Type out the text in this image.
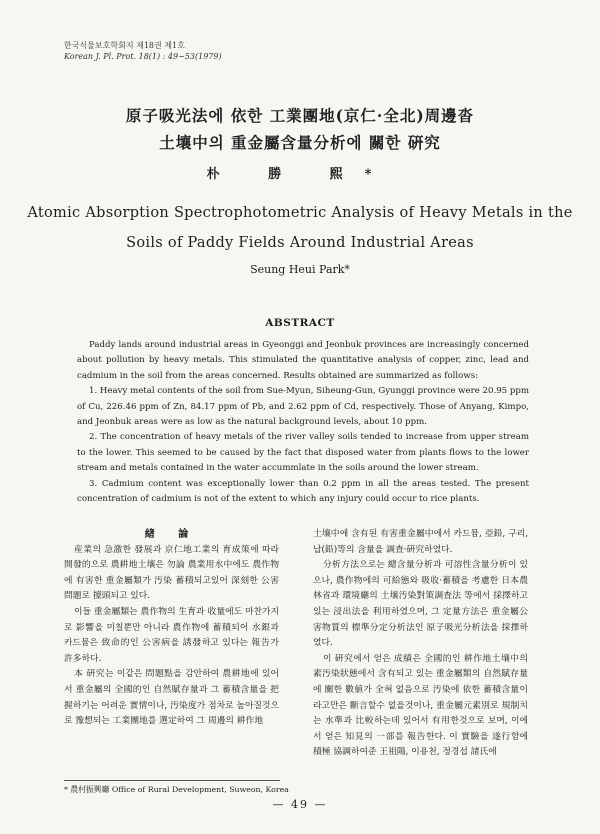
한국식물보호학회지 제18권 제1호
Korean J. Pl. Prot. 18(1) : 49~53(1979)
原子吸光法에 依한 工業團地(京仁·全北)周邊沓
土壤中의 重金屬含量分析에 關한 硏究
朴 勝 熙*
Atomic Absorption Spectrophotometric Analysis of Heavy Metals in the
Soils of Paddy Fields Around Industrial Areas
Seung Heui Park*
ABSTRACT

Paddy lands around industrial areas in Gyeonggi and Jeonbuk provinces are increasingly concerned about pollution by heavy metals. This stimulated the quantitative analysis of copper, zinc, lead and cadmium in the soil from the areas concerned. Results obtained are summarized as follows:

1. Heavy metal contents of the soil from Sue-Myun, Siheung-Gun, Gyunggi province were 20.95 ppm of Cu, 226.46 ppm of Zn, 84.17 ppm of Pb, and 2.62 ppm of Cd, respectively. Those of Anyang, Kimpo, and Jeonbuk areas were as low as the natural background levels, about 10 ppm.

2. The concentration of heavy metals of the river valley soils tended to increase from upper stream to the lower. This seemed to be caused by the fact that disposed water from plants flows to the lower stream and metals contained in the water accummlate in the soils around the lower stream.

3. Cadmium content was exceptionally lower than 0.2 ppm in all the areas tested. The present concentration of cadmium is not of the extent to which any injury could occur to rice plants.

緖 論

産業의 急激한 發展과 京仁地工業의 育成策에 따라 開發的으로 農耕地土壤은 勿論 農業用水中에도 農作物에 有害한 重金屬類가 汚染 蓄積되고있어 深刻한 公害問題로 擡頭되고 있다.

이들 重金屬類는 農作物의 生育과 收量에도 마찬가지로 影響을 미칠뿐만 아니라 農作物에 蓄積되어 水銀과 카드뮴은 致命的인 公害病을 誘發하고 있다는 報告가 許多하다.

本 硏究는 이같은 問題點을 감안하여 農耕地에 있어서 重金屬의 全國的인 自然賦存量과 그 蓄積含量을 把握하기는 어려운 實情이나, 汚染度가 점차로 높아질것으로 豫想되는 工業團地를 選定하여 그 周邊의 耕作地

土壤中에 含有된 有害重金屬中에서 카드뮴, 亞鉛, 구리, 납(鉛)等의 含量을 調査·硏究하였다.

分析方法으로는 總含量分析과 可溶性含量分析이 있으나, 農作物에의 可給態와 吸收·蓄積을 考慮한 日本農林省과 環境廳의 土壤汚染對策調査法 等에서 採擇하고 있는 浸出法을 利用하였으며, 그 定量方法은 重金屬公害物質의 標準分定分析法인 原子吸光分析法을 採擇하였다.

이 硏究에서 얻은 成績은 全國的인 耕作地土壤中의 素汚染狀態에서 含有되고 있는 重金屬類의 自然賦存量에 關한 數値가 全혀 없음으로 汚染에 依한 蓄積含量이라고만은 斷言할수 없을것이나, 重金屬元素別로 規制치는 水準과 比較하는데 있어서 有用한것으로 보며, 이에서 얻은 知見의 一部를 報告한다. 이 實驗을 遂行함에 積極 協調하여준 王祖陽, 이용천, 정경섭 諸氏에

* 農村振興廳 Office of Rural Development, Suweon, Korea
— 49 —
